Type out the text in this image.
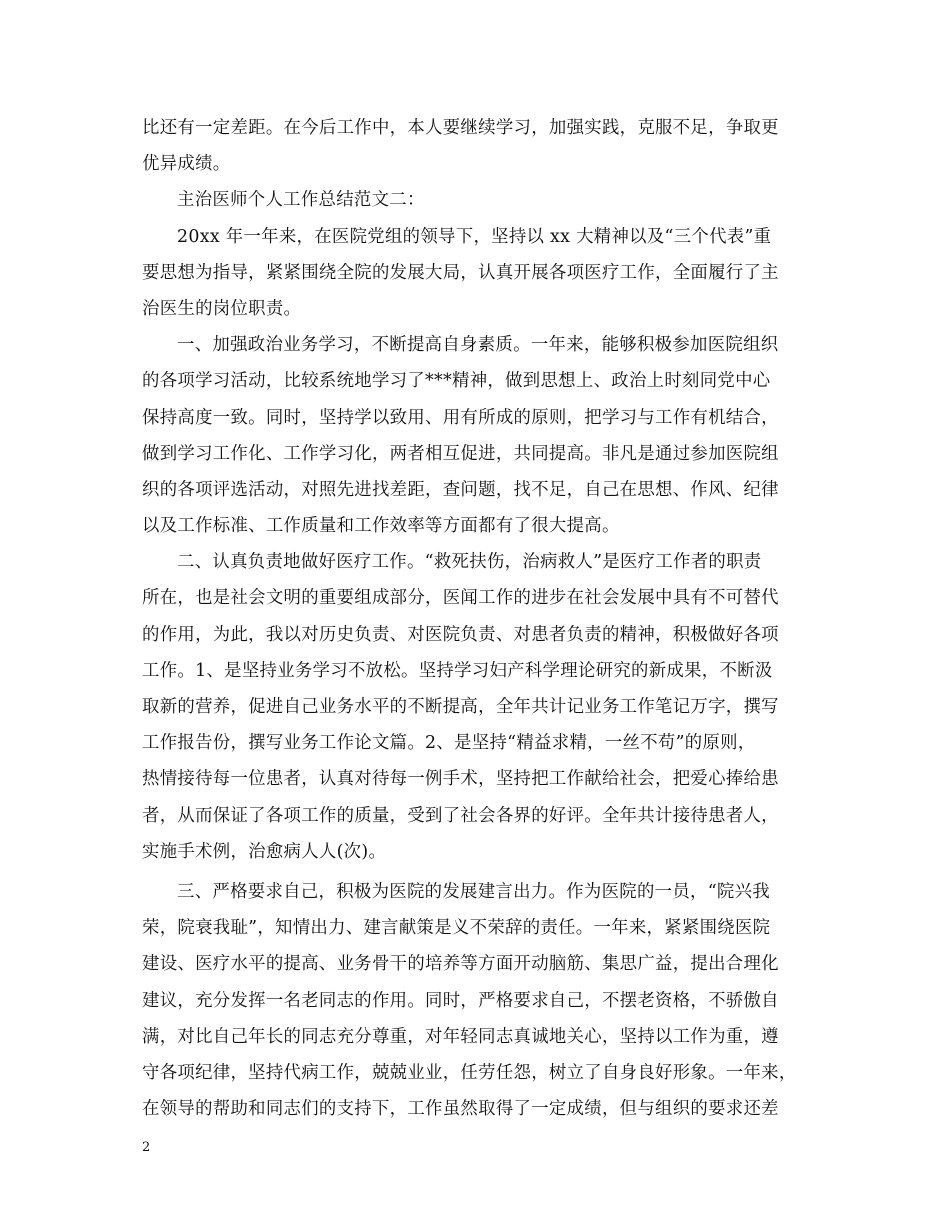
比还有一定差距。在今后工作中，本人要继续学习，加强实践，克服不足，争取更
优异成绩。
主治医师个人工作总结范文二：
20xx 年一年来，在医院党组的领导下，坚持以 xx 大精神以及“三个代表”重
要思想为指导，紧紧围绕全院的发展大局，认真开展各项医疗工作，全面履行了主
治医生的岗位职责。
一、加强政治业务学习，不断提高自身素质。一年来，能够积极参加医院组织
的各项学习活动，比较系统地学习了***精神，做到思想上、政治上时刻同党中心
保持高度一致。同时，坚持学以致用、用有所成的原则，把学习与工作有机结合，
做到学习工作化、工作学习化，两者相互促进，共同提高。非凡是通过参加医院组
织的各项评选活动，对照先进找差距，查问题，找不足，自己在思想、作风、纪律
以及工作标准、工作质量和工作效率等方面都有了很大提高。
二、认真负责地做好医疗工作。“救死扶伤，治病救人”是医疗工作者的职责
所在，也是社会文明的重要组成部分，医闻工作的进步在社会发展中具有不可替代
的作用，为此，我以对历史负责、对医院负责、对患者负责的精神，积极做好各项
工作。1、是坚持业务学习不放松。坚持学习妇产科学理论研究的新成果，不断汲
取新的营养，促进自己业务水平的不断提高，全年共计记业务工作笔记万字，撰写
工作报告份，撰写业务工作论文篇。2、是坚持“精益求精，一丝不苟”的原则，
热情接待每一位患者，认真对待每一例手术，坚持把工作献给社会，把爱心捧给患
者，从而保证了各项工作的质量，受到了社会各界的好评。全年共计接待患者人，
实施手术例，治愈病人人(次)。
三、严格要求自己，积极为医院的发展建言出力。作为医院的一员，“院兴我
荣，院衰我耻”，知情出力、建言献策是义不荣辞的责任。一年来，紧紧围绕医院
建设、医疗水平的提高、业务骨干的培养等方面开动脑筋、集思广益，提出合理化
建议，充分发挥一名老同志的作用。同时，严格要求自己，不摆老资格，不骄傲自
满，对比自己年长的同志充分尊重，对年轻同志真诚地关心，坚持以工作为重，遵
守各项纪律，坚持代病工作，兢兢业业，任劳任怨，树立了自身良好形象。一年来，
在领导的帮助和同志们的支持下，工作虽然取得了一定成绩，但与组织的要求还差
2
